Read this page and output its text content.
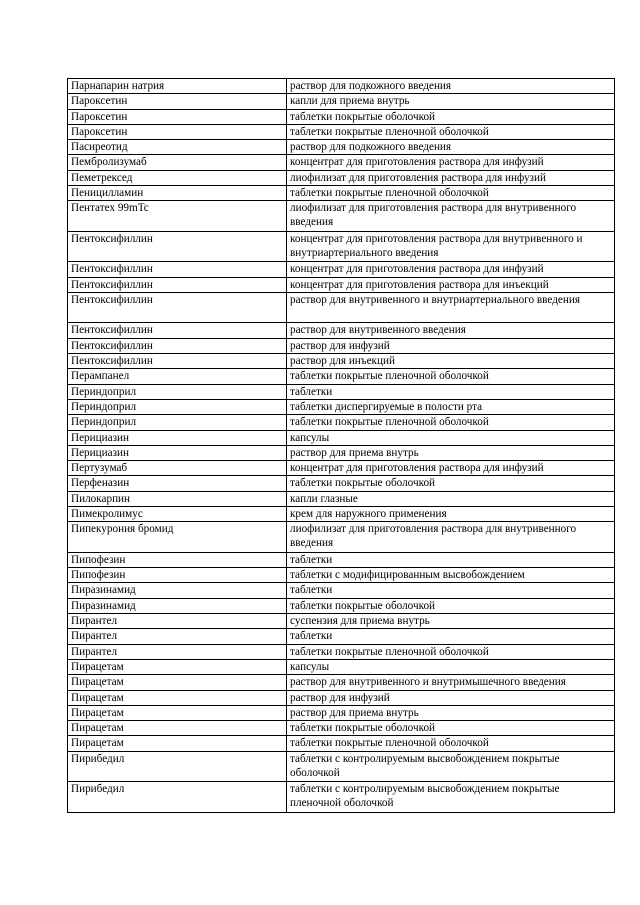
Парнапарин натрия	раствор для подкожного введения
Пароксетин	капли для приема внутрь
Пароксетин	таблетки покрытые оболочкой
Пароксетин	таблетки покрытые пленочной оболочкой
Пасиреотид	раствор для подкожного введения
Пембролизумаб	концентрат для приготовления раствора для инфузий
Пеметрексед	лиофилизат для приготовления раствора для инфузий
Пеницилламин	таблетки покрытые пленочной оболочкой
Пентатех 99mTc	лиофилизат для приготовления раствора для внутривенного введения
Пентоксифиллин	концентрат для приготовления раствора для внутривенного и внутриартериального введения
Пентоксифиллин	концентрат для приготовления раствора для инфузий
Пентоксифиллин	концентрат для приготовления раствора для инъекций
Пентоксифиллин	раствор для внутривенного и внутриартериального введения
Пентоксифиллин	раствор для внутривенного введения
Пентоксифиллин	раствор для инфузий
Пентоксифиллин	раствор для инъекций
Перампанел	таблетки покрытые пленочной оболочкой
Периндоприл	таблетки
Периндоприл	таблетки диспергируемые в полости рта
Периндоприл	таблетки покрытые пленочной оболочкой
Перициазин	капсулы
Перициазин	раствор для приема внутрь
Пертузумаб	концентрат для приготовления раствора для инфузий
Перфеназин	таблетки покрытые оболочкой
Пилокарпин	капли глазные
Пимекролимус	крем для наружного применения
Пипекурония бромид	лиофилизат для приготовления раствора для внутривенного введения
Пипофезин	таблетки
Пипофезин	таблетки с модифицированным высвобождением
Пиразинамид	таблетки
Пиразинамид	таблетки покрытые оболочкой
Пирантел	суспензия для приема внутрь
Пирантел	таблетки
Пирантел	таблетки покрытые пленочной оболочкой
Пирацетам	капсулы
Пирацетам	раствор для внутривенного и внутримышечного введения
Пирацетам	раствор для инфузий
Пирацетам	раствор для приема внутрь
Пирацетам	таблетки покрытые оболочкой
Пирацетам	таблетки покрытые пленочной оболочкой
Пирибедил	таблетки с контролируемым высвобождением покрытые оболочкой
Пирибедил	таблетки с контролируемым высвобождением покрытые пленочной оболочкой
